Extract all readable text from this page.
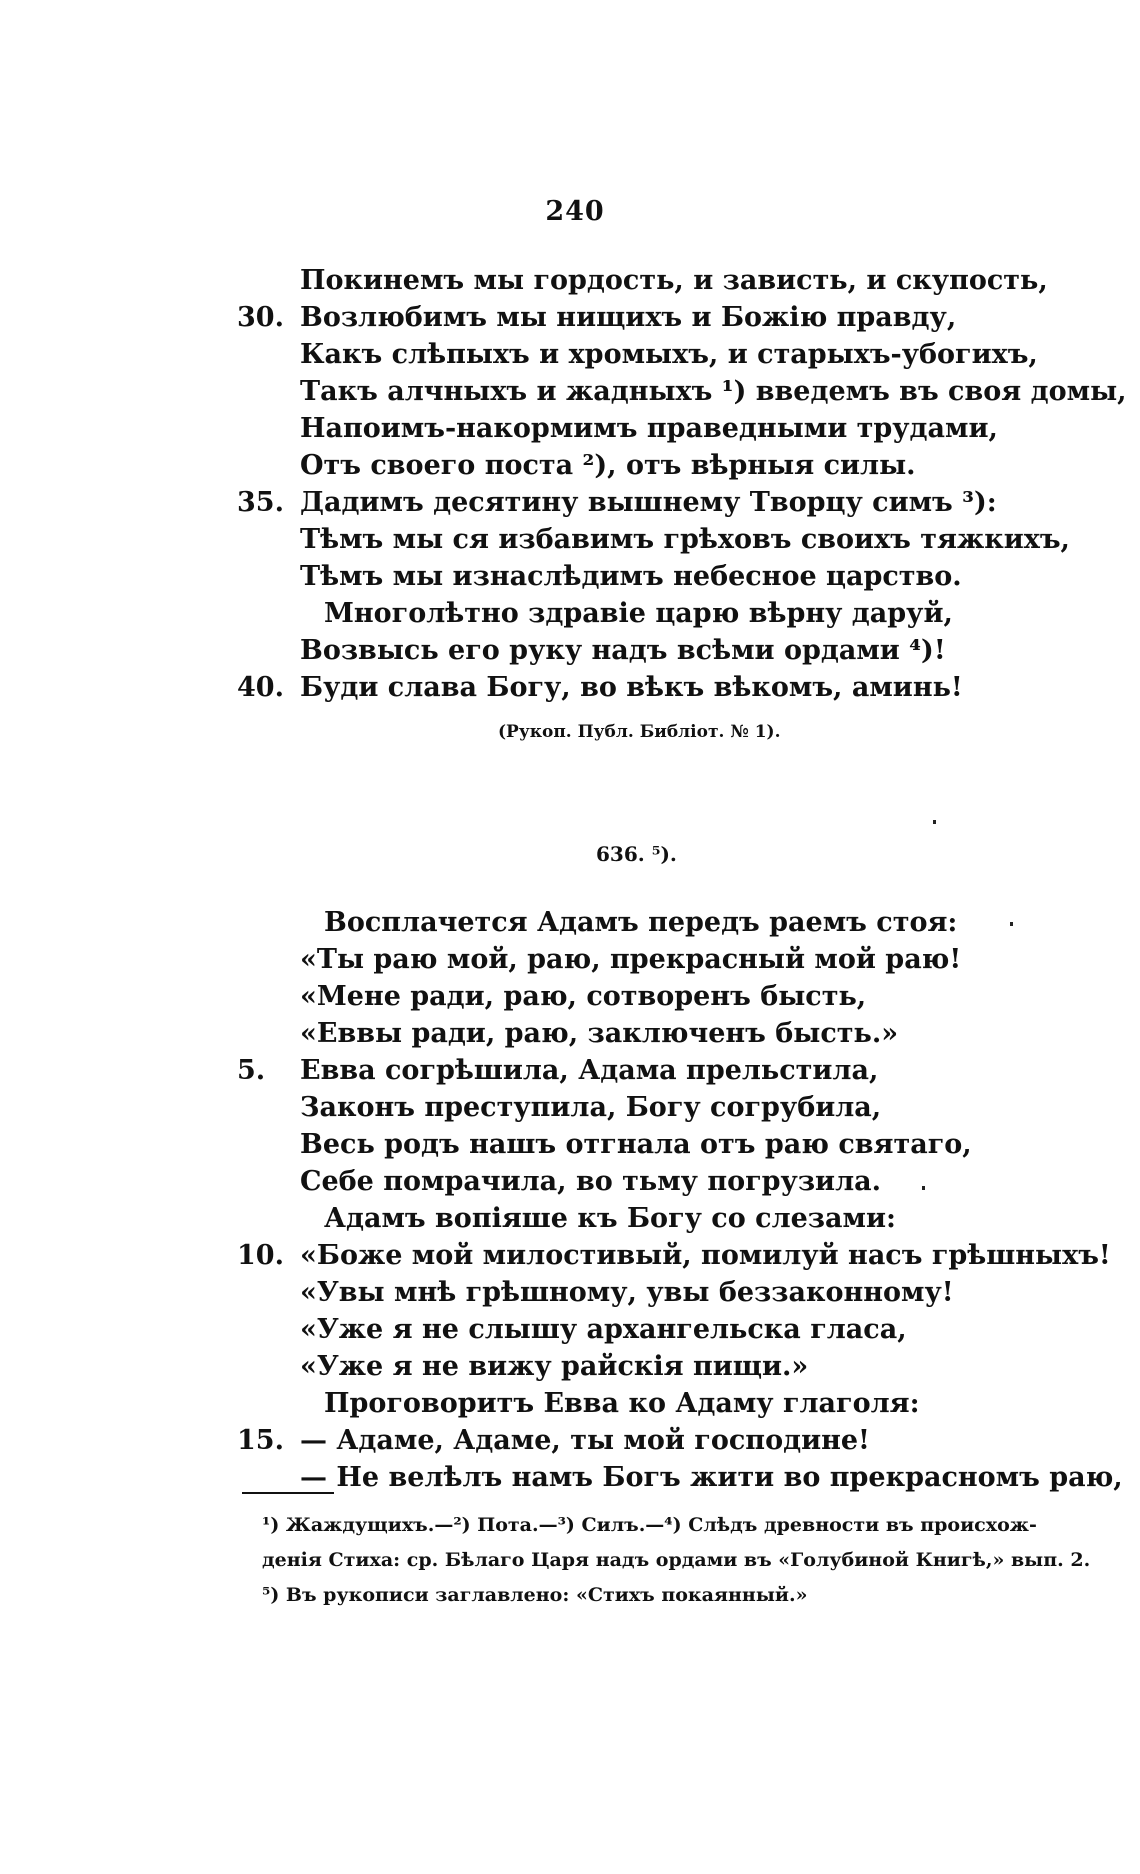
240
Покинемъ мы гордость, и зависть, и скупость,
30. Возлюбимъ мы нищихъ и Божію правду,
Какъ слѣпыхъ и хромыхъ, и старыхъ-убогихъ,
Такъ алчныхъ и жадныхъ ¹) введемъ въ своя домы,
Напоимъ-накормимъ праведными трудами,
Отъ своего поста ²), отъ вѣрныя силы.
35. Дадимъ десятину вышнему Творцу симъ ³):
Тѣмъ мы ся избавимъ грѣховъ своихъ тяжкихъ,
Тѣмъ мы изнаслѣдимъ небесное царство.
Многолѣтно здравіе царю вѣрну даруй,
Возвысь его руку надъ всѣми ордами ⁴)!
40. Буди слава Богу, во вѣкъ вѣкомъ, аминь!
(Рукоп. Публ. Библіот. № 1).
636. ⁵).
Восплачется Адамъ передъ раемъ стоя:
«Ты раю мой, раю, прекрасный мой раю!
«Мене ради, раю, сотворенъ бысть,
«Еввы ради, раю, заключенъ бысть.»
5.	Евва согрѣшила, Адама прельстила,
Законъ преступила, Богу согрубила,
Весь родъ нашъ отгнала отъ раю святаго,
Себе помрачила, во тьму погрузила.
Адамъ вопіяше къ Богу со слезами:
10. «Боже мой милостивый, помилуй насъ грѣшныхъ!
«Увы мнѣ грѣшному, увы беззаконному!
«Уже я не слышу архангельска гласа,
«Уже я не вижу райскія пищи.»
Проговоритъ Евва ко Адаму глаголя:
15. — Адаме, Адаме, ты мой господине!
— Не велѣлъ намъ Богъ жити во прекрасномъ раю,
¹) Жаждущихъ.—²) Пота.—³) Силъ.—⁴) Слѣдъ древности въ происхож-
денія Стиха: ср. Бѣлаго Царя надъ ордами въ «Голубиной Книгѣ,» вып. 2.
⁵) Въ рукописи заглавлено: «Стихъ покаянный.»
